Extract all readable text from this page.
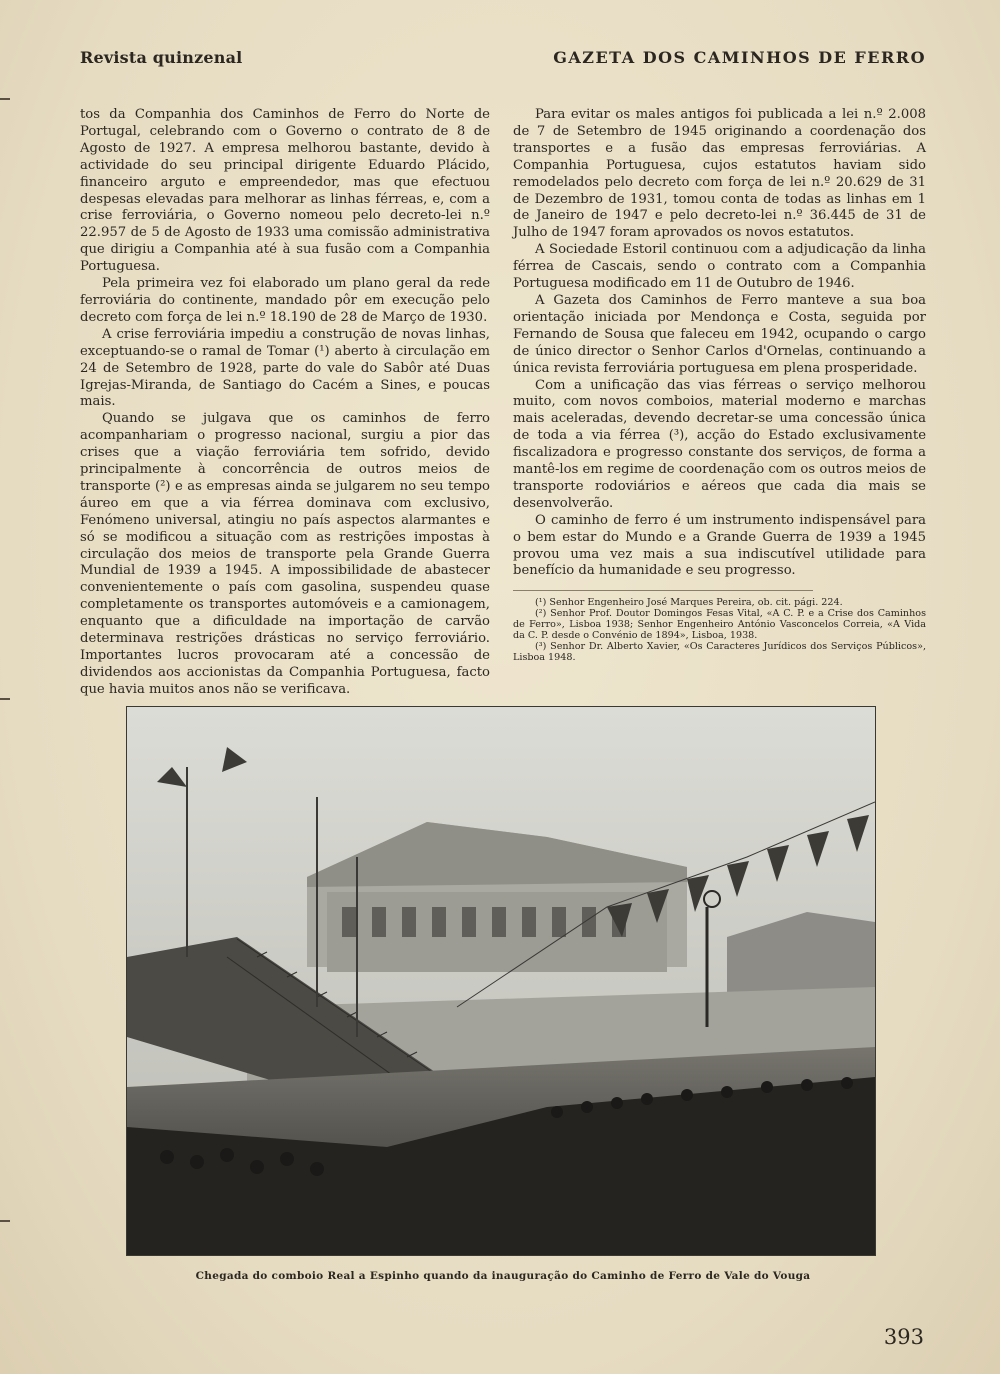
Revista quinzenal	GAZETA DOS CAMINHOS DE FERRO

tos da Companhia dos Caminhos de Ferro do Norte de Portugal, celebrando com o Governo o contrato de 8 de Agosto de 1927. A empresa melhorou bastante, devido à actividade do seu principal dirigente Eduardo Plácido, financeiro arguto e empreendedor, mas que efectuou despesas elevadas para melhorar as linhas férreas, e, com a crise ferroviária, o Governo nomeou pelo decreto-lei n.º 22.957 de 5 de Agosto de 1933 uma comissão administrativa que dirigiu a Companhia até à sua fusão com a Companhia Portuguesa.

Pela primeira vez foi elaborado um plano geral da rede ferroviária do continente, mandado pôr em execução pelo decreto com força de lei n.º 18.190 de 28 de Março de 1930.

A crise ferroviária impediu a construção de novas linhas, exceptuando-se o ramal de Tomar (¹) aberto à circulação em 24 de Setembro de 1928, parte do vale do Sabôr até Duas Igrejas-Miranda, de Santiago do Cacém a Sines, e poucas mais.

Quando se julgava que os caminhos de ferro acompanhariam o progresso nacional, surgiu a pior das crises que a viação ferroviária tem sofrido, devido principalmente à concorrência de outros meios de transporte (²) e as empresas ainda se julgarem no seu tempo áureo em que a via férrea dominava com exclusivo, Fenómeno universal, atingiu no país aspectos alarmantes e só se modificou a situação com as restrições impostas à circulação dos meios de transporte pela Grande Guerra Mundial de 1939 a 1945. A impossibilidade de abastecer convenientemente o país com gasolina, suspendeu quase completamente os transportes automóveis e a camionagem, enquanto que a dificuldade na importação de carvão determinava restrições drásticas no serviço ferroviário. Importantes lucros provocaram até a concessão de dividendos aos accionistas da Companhia Portuguesa, facto que havia muitos anos não se verificava.

Para evitar os males antigos foi publicada a lei n.º 2.008 de 7 de Setembro de 1945 originando a coordenação dos transportes e a fusão das empresas ferroviárias. A Companhia Portuguesa, cujos estatutos haviam sido remodelados pelo decreto com força de lei n.º 20.629 de 31 de Dezembro de 1931, tomou conta de todas as linhas em 1 de Janeiro de 1947 e pelo decreto-lei n.º 36.445 de 31 de Julho de 1947 foram aprovados os novos estatutos.

A Sociedade Estoril continuou com a adjudicação da linha férrea de Cascais, sendo o contrato com a Companhia Portuguesa modificado em 11 de Outubro de 1946.

A Gazeta dos Caminhos de Ferro manteve a sua boa orientação iniciada por Mendonça e Costa, seguida por Fernando de Sousa que faleceu em 1942, ocupando o cargo de único director o Senhor Carlos d'Ornelas, continuando a única revista ferroviária portuguesa em plena prosperidade.

Com a unificação das vias férreas o serviço melhorou muito, com novos comboios, material moderno e marchas mais aceleradas, devendo decretar-se uma concessão única de toda a via férrea (³), acção do Estado exclusivamente fiscalizadora e progresso constante dos serviços, de forma a mantê-los em regime de coordenação com os outros meios de transporte rodoviários e aéreos que cada dia mais se desenvolverão.

O caminho de ferro é um instrumento indispensável para o bem estar do Mundo e a Grande Guerra de 1939 a 1945 provou uma vez mais a sua indiscutível utilidade para benefício da humanidade e seu progresso.

(¹) Senhor Engenheiro José Marques Pereira, ob. cit. pági. 224.

(²) Senhor Prof. Doutor Domingos Fesas Vital, «A C. P. e a Crise dos Caminhos de Ferro», Lisboa 1938; Senhor Engenheiro António Vasconcelos Correia, «A Vida da C. P. desde o Convénio de 1894», Lisboa, 1938.

(³) Senhor Dr. Alberto Xavier, «Os Caracteres Jurídicos dos Serviços Públicos», Lisboa 1948.

Chegada do comboio Real a Espinho quando da inauguração do Caminho de Ferro de Vale do Vouga
393
